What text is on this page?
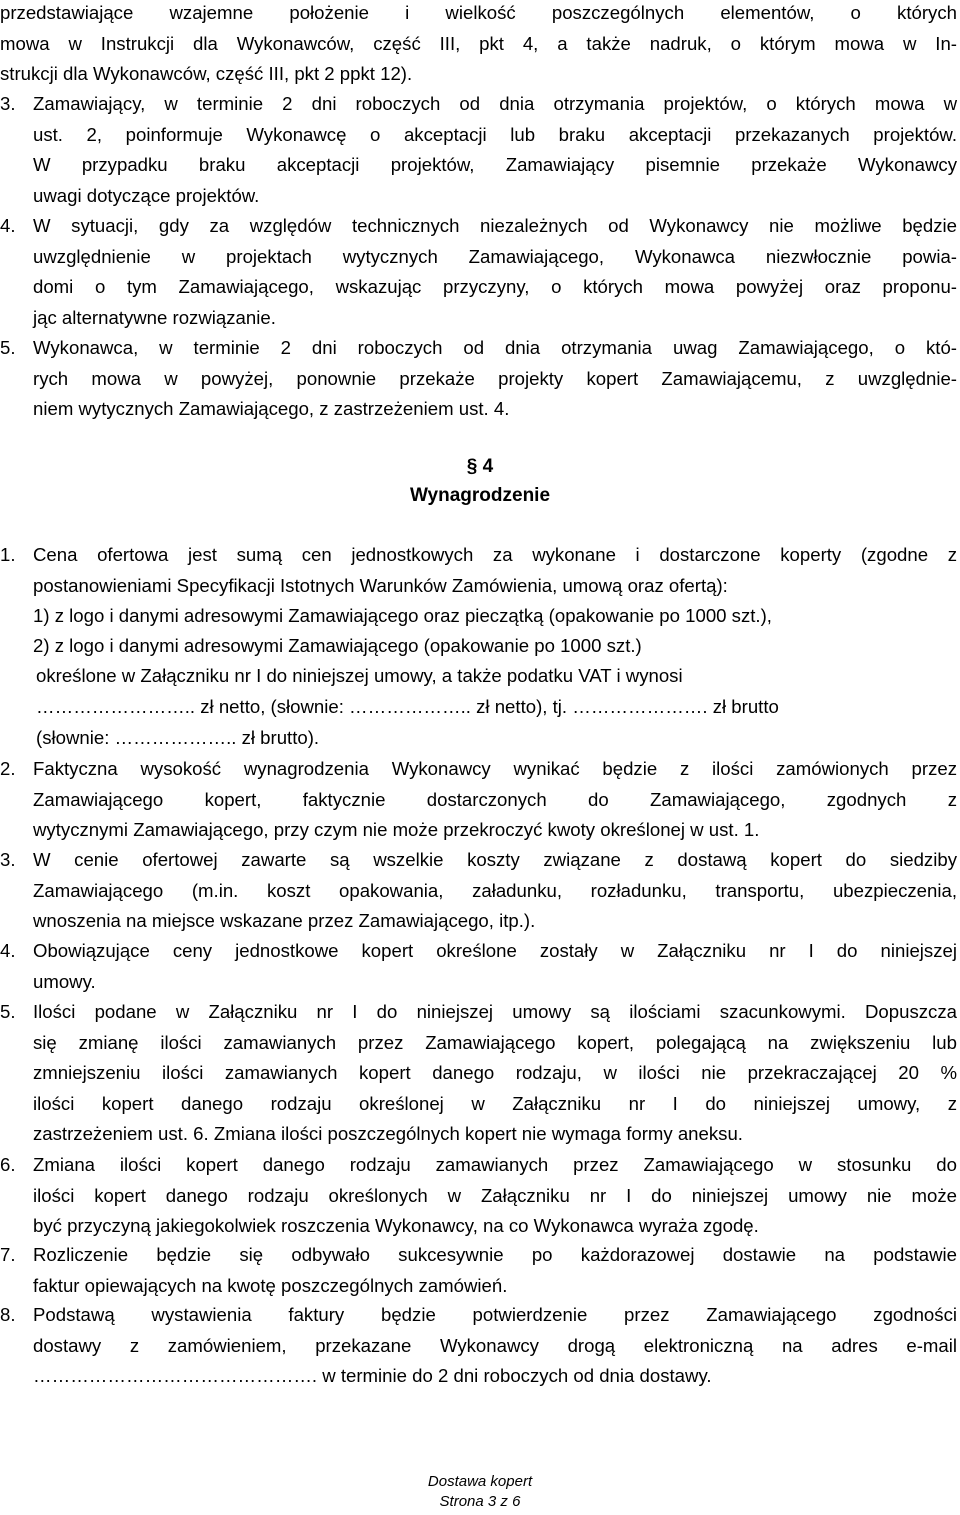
przedstawiające wzajemne położenie i wielkość poszczególnych elementów, o których
mowa w Instrukcji dla Wykonawców, część III, pkt 4, a także nadruk, o którym mowa w In-
strukcji dla Wykonawców, część III, pkt 2 ppkt 12).
3. Zamawiający, w terminie 2 dni roboczych od dnia otrzymania projektów, o których mowa w
ust. 2, poinformuje Wykonawcę o akceptacji lub braku akceptacji przekazanych projektów.
W przypadku braku akceptacji projektów, Zamawiający pisemnie przekaże Wykonawcy
uwagi dotyczące projektów.
4. W sytuacji, gdy za względów technicznych niezależnych od Wykonawcy nie możliwe będzie
uwzględnienie w projektach wytycznych Zamawiającego, Wykonawca niezwłocznie powia-
domi o tym Zamawiającego, wskazując przyczyny, o których mowa powyżej oraz proponu-
jąc alternatywne rozwiązanie.
5. Wykonawca, w terminie 2 dni roboczych od dnia otrzymania uwag Zamawiającego, o któ-
rych mowa w powyżej, ponownie przekaże projekty kopert Zamawiającemu, z uwzględnie-
niem wytycznych Zamawiającego, z zastrzeżeniem ust. 4.
§ 4
Wynagrodzenie
1. Cena ofertowa jest sumą cen jednostkowych za wykonane i dostarczone koperty (zgodne z
postanowieniami Specyfikacji Istotnych Warunków Zamówienia, umową oraz ofertą):
1) z logo i danymi adresowymi Zamawiającego oraz pieczątką (opakowanie po 1000 szt.),
2) z logo i danymi adresowymi Zamawiającego (opakowanie po 1000 szt.)
określone w Załączniku nr I do niniejszej umowy, a także podatku VAT i wynosi
…………………….. zł netto, (słownie: ……………….. zł netto), tj. …………………. zł brutto
(słownie: ……………….. zł brutto).
2. Faktyczna wysokość wynagrodzenia Wykonawcy wynikać będzie z ilości zamówionych przez
Zamawiającego kopert, faktycznie dostarczonych do Zamawiającego, zgodnych z
wytycznymi Zamawiającego, przy czym nie może przekroczyć kwoty określonej w ust. 1.
3. W cenie ofertowej zawarte są wszelkie koszty związane z dostawą kopert do siedziby
Zamawiającego (m.in. koszt opakowania, załadunku, rozładunku, transportu, ubezpieczenia,
wnoszenia na miejsce wskazane przez Zamawiającego, itp.).
4. Obowiązujące ceny jednostkowe kopert określone zostały w Załączniku nr I do niniejszej
umowy.
5. Ilości podane w Załączniku nr I do niniejszej umowy są ilościami szacunkowymi. Dopuszcza
się zmianę ilości zamawianych przez Zamawiającego kopert, polegającą na zwiększeniu lub
zmniejszeniu ilości zamawianych kopert danego rodzaju, w ilości nie przekraczającej 20 %
ilości kopert danego rodzaju określonej w Załączniku nr I do niniejszej umowy, z
zastrzeżeniem ust. 6. Zmiana ilości poszczególnych kopert nie wymaga formy aneksu.
6. Zmiana ilości kopert danego rodzaju zamawianych przez Zamawiającego w stosunku do
ilości kopert danego rodzaju określonych w Załączniku nr I do niniejszej umowy nie może
być przyczyną jakiegokolwiek roszczenia Wykonawcy, na co Wykonawca wyraża zgodę.
7. Rozliczenie będzie się odbywało sukcesywnie po każdorazowej dostawie na podstawie
faktur opiewających na kwotę poszczególnych zamówień.
8. Podstawą wystawienia faktury będzie potwierdzenie przez Zamawiającego zgodności
dostawy z zamówieniem, przekazane Wykonawcy drogą elektroniczną na adres e-mail
………………………………………. w terminie do 2 dni roboczych od dnia dostawy.
Dostawa kopert
Strona 3 z 6
